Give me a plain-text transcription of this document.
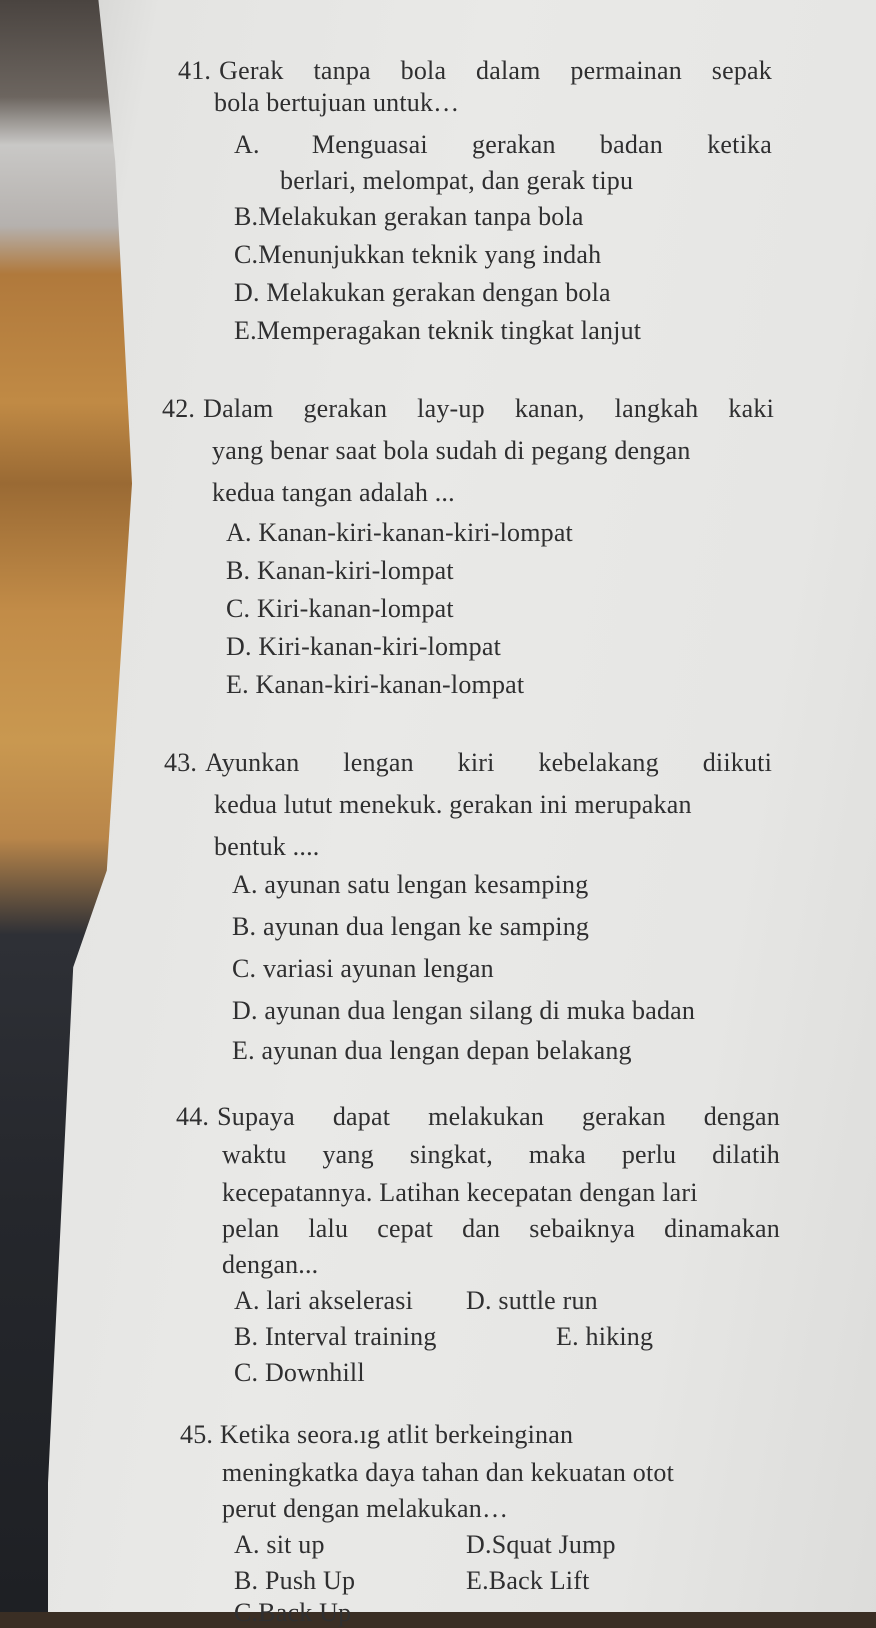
41. Gerak tanpa bola dalam permainan sepak
bola bertujuan untuk…
A. Menguasai gerakan badan ketika
berlari, melompat, dan gerak tipu
B.Melakukan gerakan tanpa bola
C.Menunjukkan teknik yang indah
D. Melakukan gerakan dengan bola
E.Memperagakan teknik tingkat lanjut
42. Dalam gerakan lay-up kanan, langkah kaki
yang benar saat bola sudah di pegang dengan
kedua tangan adalah ...
A. Kanan-kiri-kanan-kiri-lompat
B. Kanan-kiri-lompat
C. Kiri-kanan-lompat
D. Kiri-kanan-kiri-lompat
E. Kanan-kiri-kanan-lompat
43. Ayunkan lengan kiri kebelakang diikuti
kedua lutut menekuk. gerakan ini merupakan
bentuk ....
A. ayunan satu lengan kesamping
B. ayunan dua lengan ke samping
C. variasi ayunan lengan
D. ayunan dua lengan silang di muka badan
E. ayunan dua lengan depan belakang
44. Supaya dapat melakukan gerakan dengan
waktu yang singkat, maka perlu dilatih
kecepatannya. Latihan kecepatan dengan lari
pelan lalu cepat dan sebaiknya dinamakan
dengan...
A. lari akselerasi D. suttle run
B. Interval training	E. hiking
C. Downhill
45. Ketika seora.ıg atlit berkeinginan
meningkatka daya tahan dan kekuatan otot
perut dengan melakukan…
A. sit up	D.Squat Jump
B. Push Up	E.Back Lift
C.Back Up
